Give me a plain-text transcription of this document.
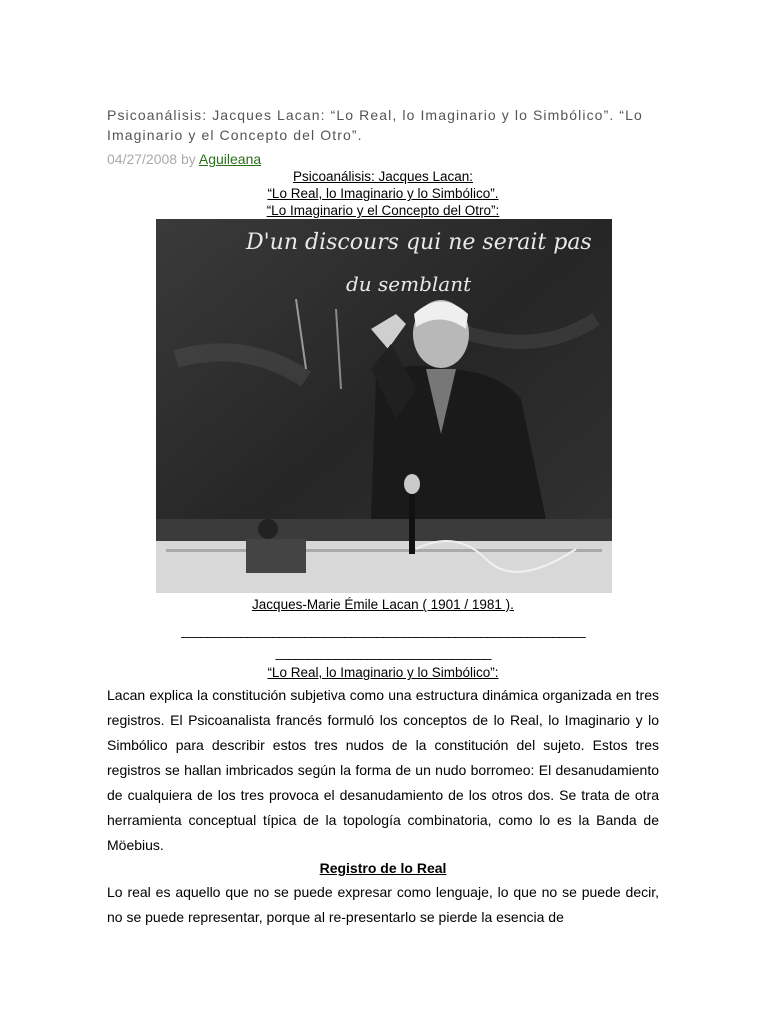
Psicoanálisis: Jacques Lacan: “Lo Real, lo Imaginario y lo Simbólico”. “Lo Imaginario y el Concepto del Otro”.
04/27/2008 by Aguileana
Psicoanálisis: Jacques Lacan:
“Lo Real, lo Imaginario y lo Simbólico”.
“Lo Imaginario y el Concepto del Otro”:
D'un discours qui ne serait pas
du semblant
Jacques-Marie Émile Lacan ( 1901 / 1981 ).
______________________________________________________________
_________________________________
“Lo Real, lo Imaginario y lo Simbólico”:
Lacan explica la constitución subjetiva como una estructura dinámica organizada en tres registros. El Psicoanalista francés formuló los conceptos de lo Real, lo Imaginario y lo Simbólico para describir estos tres nudos de la constitución del sujeto. Estos tres registros se hallan imbricados según la forma de un nudo borromeo: El desanudamiento de cualquiera de los tres provoca el desanudamiento de los otros dos. Se trata de otra herramienta conceptual típica de la topología combinatoria, como lo es la Banda de Möebius.
Registro de lo Real
Lo real es aquello que no se puede expresar como lenguaje, lo que no se puede decir, no se puede representar, porque al re-presentarlo se pierde la esencia de
